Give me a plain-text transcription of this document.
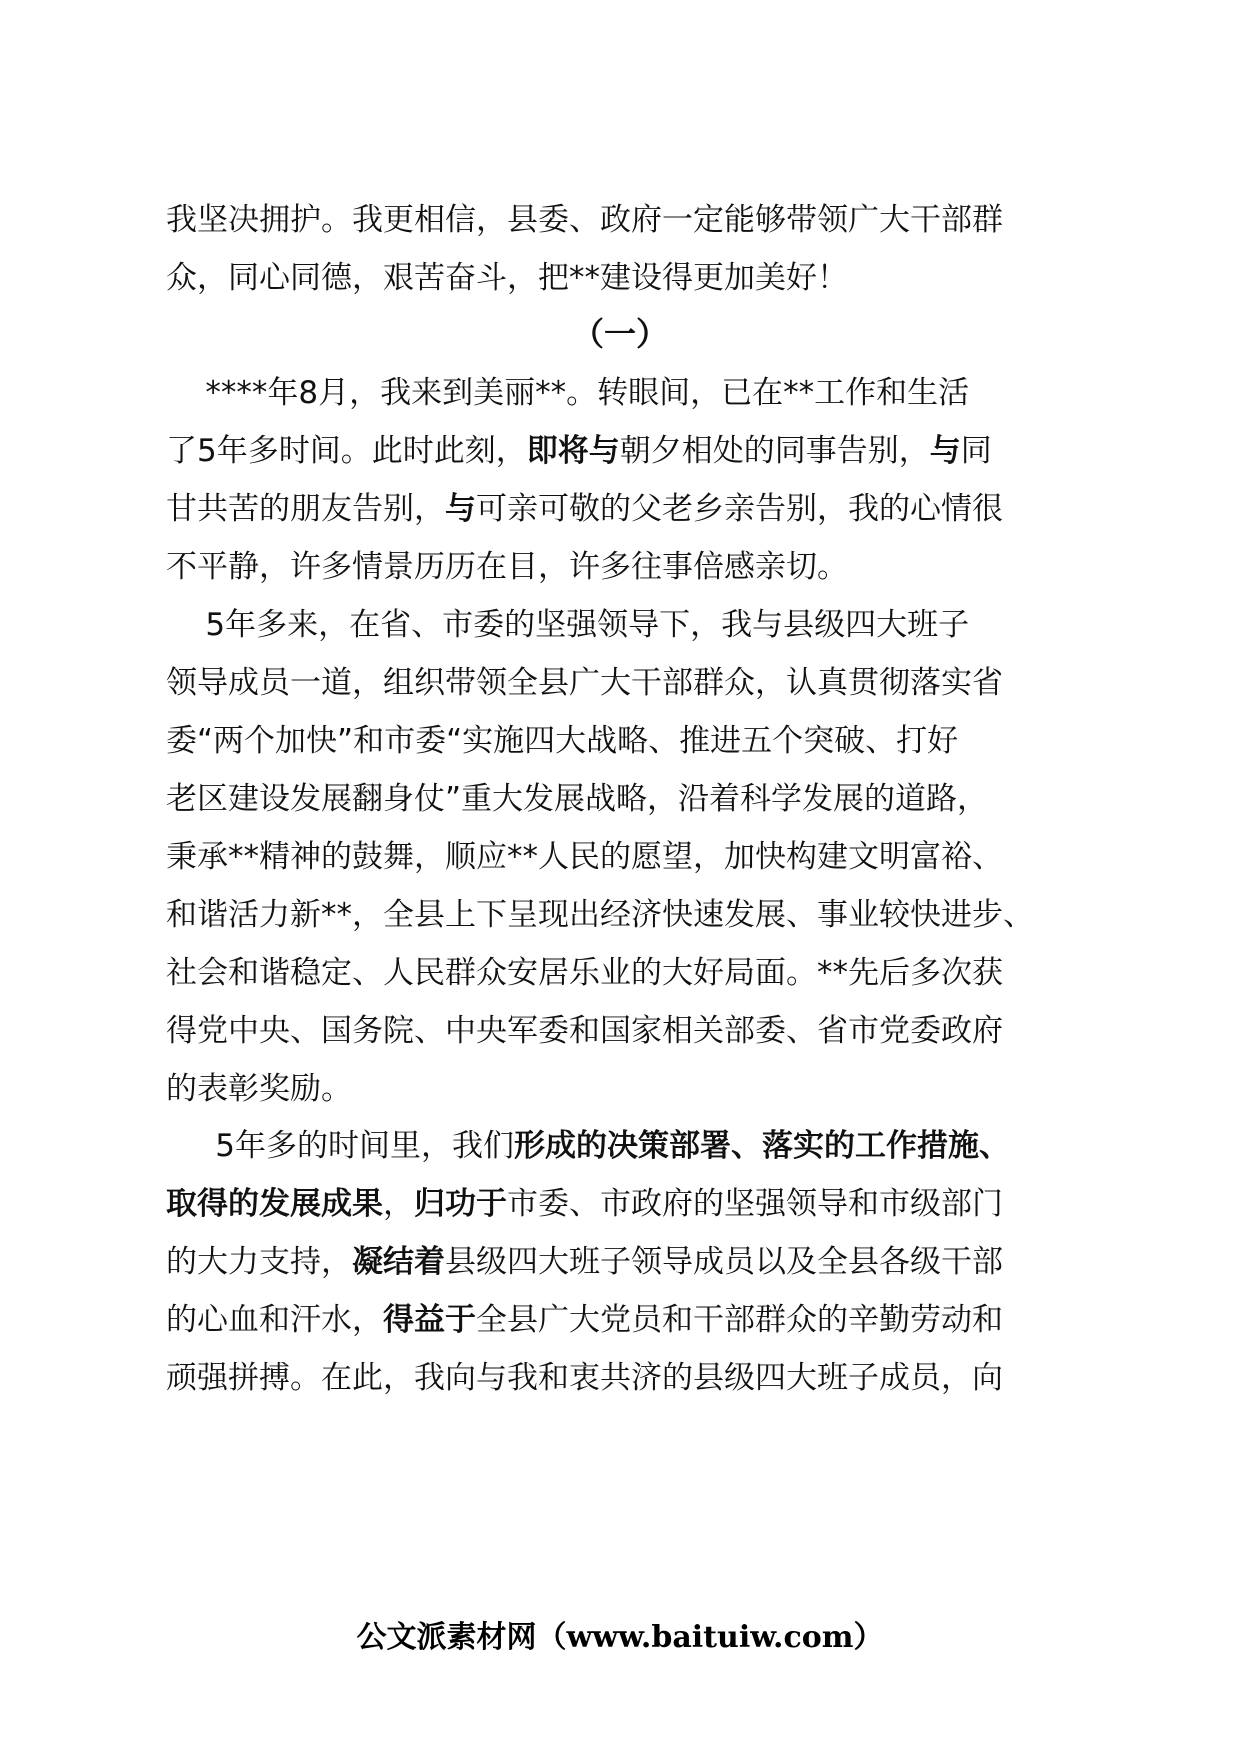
（一）
我坚决拥护。我更相信，县委、政府一定能够带领广大干部群
众，同心同德，艰苦奋斗，把**建设得更加美好！
****年8月，我来到美丽**。转眼间，已在**工作和生活
了5年多时间。此时此刻，即将与朝夕相处的同事告别，与同
甘共苦的朋友告别，与可亲可敬的父老乡亲告别，我的心情很
不平静，许多情景历历在目，许多往事倍感亲切。
5年多来，在省、市委的坚强领导下，我与县级四大班子
领导成员一道，组织带领全县广大干部群众，认真贯彻落实省
委“两个加快”和市委“实施四大战略、推进五个突破、打好
老区建设发展翻身仗”重大发展战略，沿着科学发展的道路，
秉承**精神的鼓舞，顺应**人民的愿望，加快构建文明富裕、
和谐活力新**，全县上下呈现出经济快速发展、事业较快进步、
社会和谐稳定、人民群众安居乐业的大好局面。**先后多次获
得党中央、国务院、中央军委和国家相关部委、省市党委政府
的表彰奖励。
5年多的时间里，我们形成的决策部署、落实的工作措施、
取得的发展成果，归功于市委、市政府的坚强领导和市级部门
的大力支持，凝结着县级四大班子领导成员以及全县各级干部
的心血和汗水，得益于全县广大党员和干部群众的辛勤劳动和
顽强拼搏。在此，我向与我和衷共济的县级四大班子成员，向
公文派素材网（www.baituiw.com）
